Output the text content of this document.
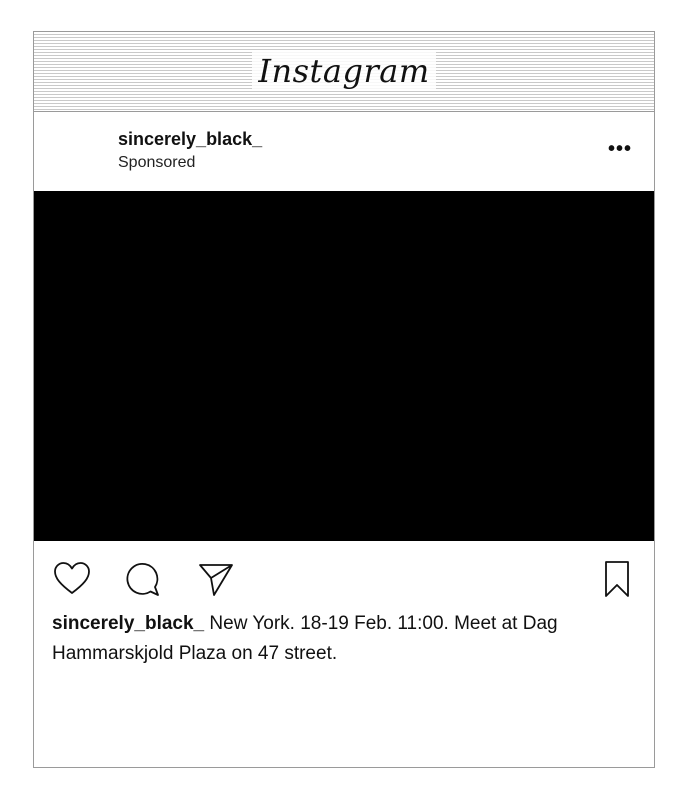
Instagram
sincerely_black_
Sponsored
•••
sincerely_black_ New York. 18-19 Feb. 11:00. Meet at Dag Hammarskjold Plaza on 47 street.
